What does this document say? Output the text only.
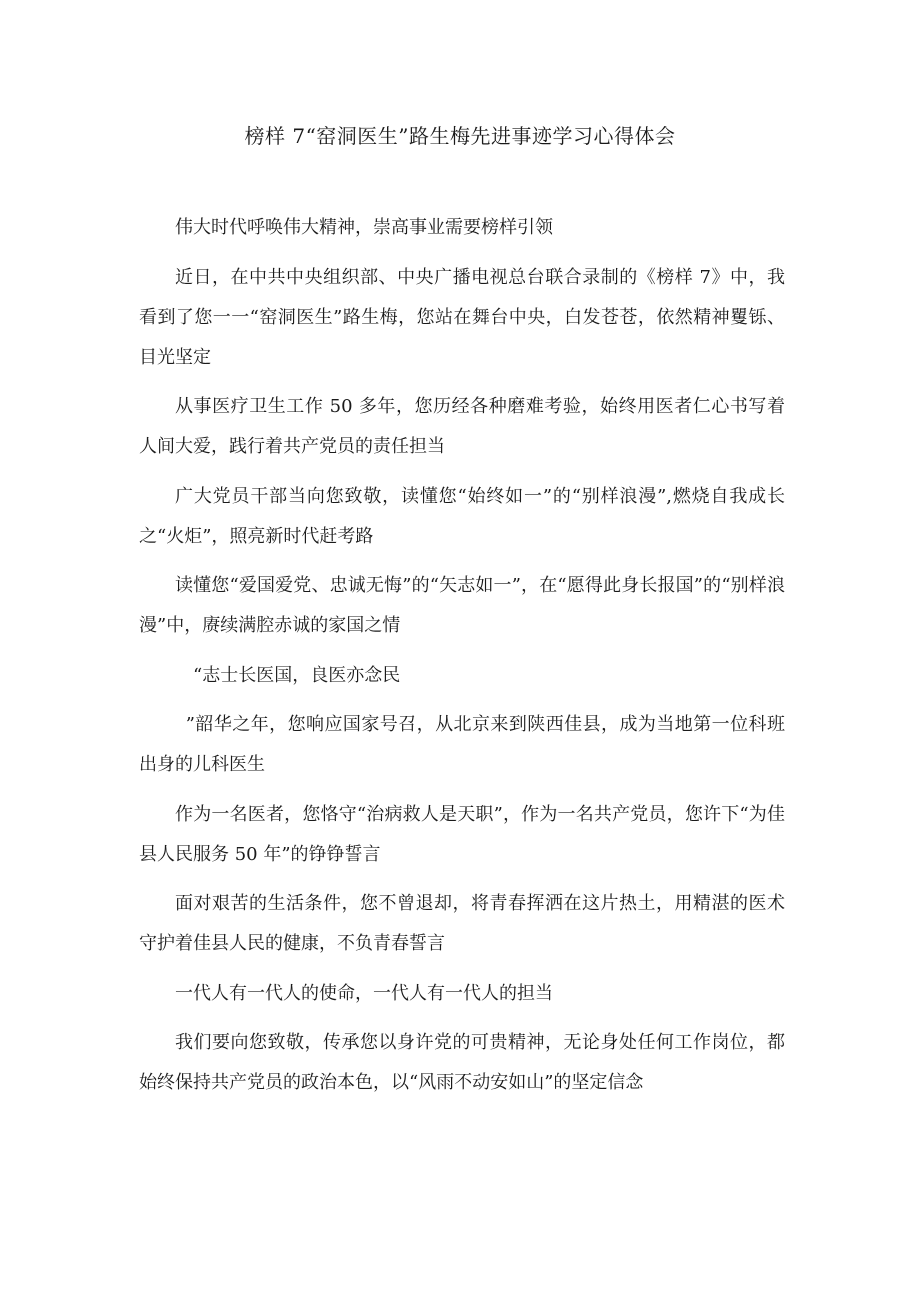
榜样 7“窑洞医生”路生梅先进事迹学习心得体会

伟大时代呼唤伟大精神，崇高事业需要榜样引领

近日，在中共中央组织部、中央广播电视总台联合录制的《榜样 7》中，我看到了您一一“窑洞医生”路生梅，您站在舞台中央，白发苍苍，依然精神矍铄、目光坚定

从事医疗卫生工作 50 多年，您历经各种磨难考验，始终用医者仁心书写着人间大爱，践行着共产党员的责任担当

广大党员干部当向您致敬，读懂您“始终如一”的“别样浪漫”,燃烧自我成长之“火炬”，照亮新时代赶考路

读懂您“爱国爱党、忠诚无悔”的“矢志如一”，在“愿得此身长报国”的“别样浪漫”中，赓续满腔赤诚的家国之情

“志士长医国，良医亦念民

”韶华之年，您响应国家号召，从北京来到陕西佳县，成为当地第一位科班出身的儿科医生

作为一名医者，您恪守“治病救人是天职”，作为一名共产党员，您许下“为佳县人民服务 50 年”的铮铮誓言

面对艰苦的生活条件，您不曾退却，将青春挥洒在这片热土，用精湛的医术守护着佳县人民的健康，不负青春誓言

一代人有一代人的使命，一代人有一代人的担当

我们要向您致敬，传承您以身许党的可贵精神，无论身处任何工作岗位，都始终保持共产党员的政治本色，以“风雨不动安如山”的坚定信念
